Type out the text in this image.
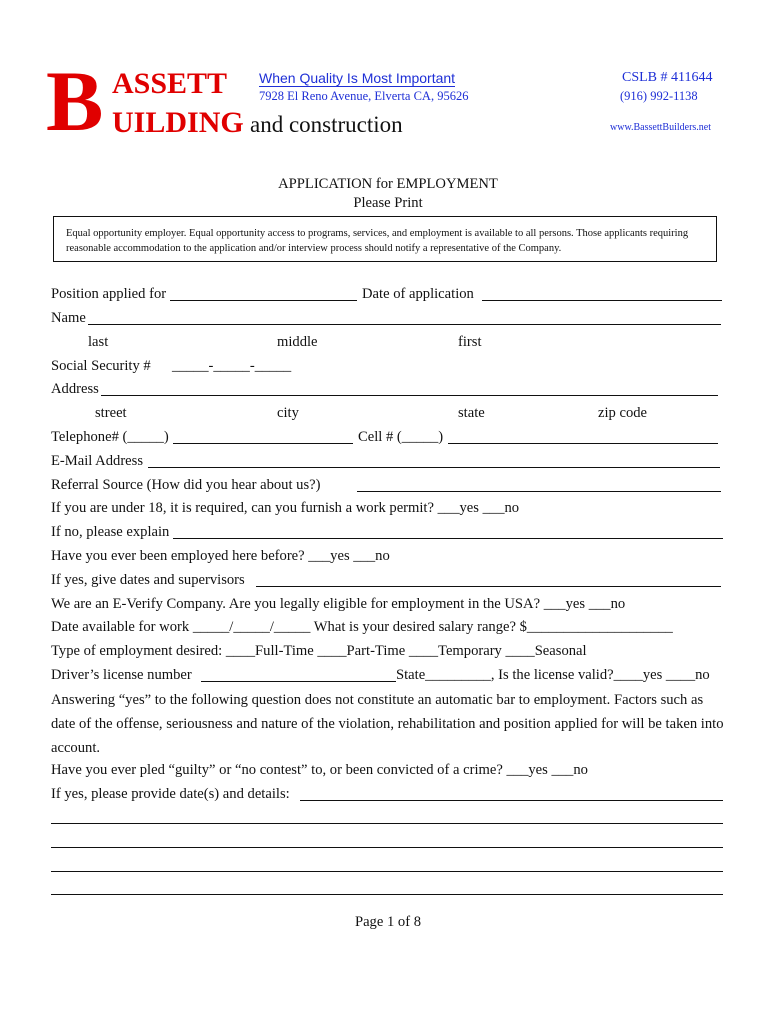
B ASSETT
UILDING and construction
When Quality Is Most Important
7928 El Reno Avenue, Elverta CA, 95626
CSLB # 411644
(916) 992-1138
www.BassettBuilders.net
APPLICATION for EMPLOYMENT
Please Print
Equal opportunity employer. Equal opportunity access to programs, services, and employment is available to all persons. Those applicants requiring reasonable accommodation to the application and/or interview process should notify a representative of the Company.
Position applied for	Date of application
Name
last	middle	first
Social Security # _____-_____-_____
Address
street	city	state	zip code
Telephone# (_____)	Cell # (_____)
E-Mail Address
Referral Source (How did you hear about us?)
If you are under 18, it is required, can you furnish a work permit? ___yes ___no
If no, please explain
Have you ever been employed here before? ___yes ___no
If yes, give dates and supervisors
We are an E-Verify Company. Are you legally eligible for employment in the USA? ___yes ___no
Date available for work _____/_____/_____ What is your desired salary range? $____________________
Type of employment desired: ____Full-Time ____Part-Time ____Temporary ____Seasonal
Driver’s license number	State_________, Is the license valid?____yes ____no
Answering “yes” to the following question does not constitute an automatic bar to employment. Factors such as date of the offense, seriousness and nature of the violation, rehabilitation and position applied for will be taken into account.
Have you ever pled “guilty” or “no contest” to, or been convicted of a crime? ___yes ___no
If yes, please provide date(s) and details:
Page 1 of 8
